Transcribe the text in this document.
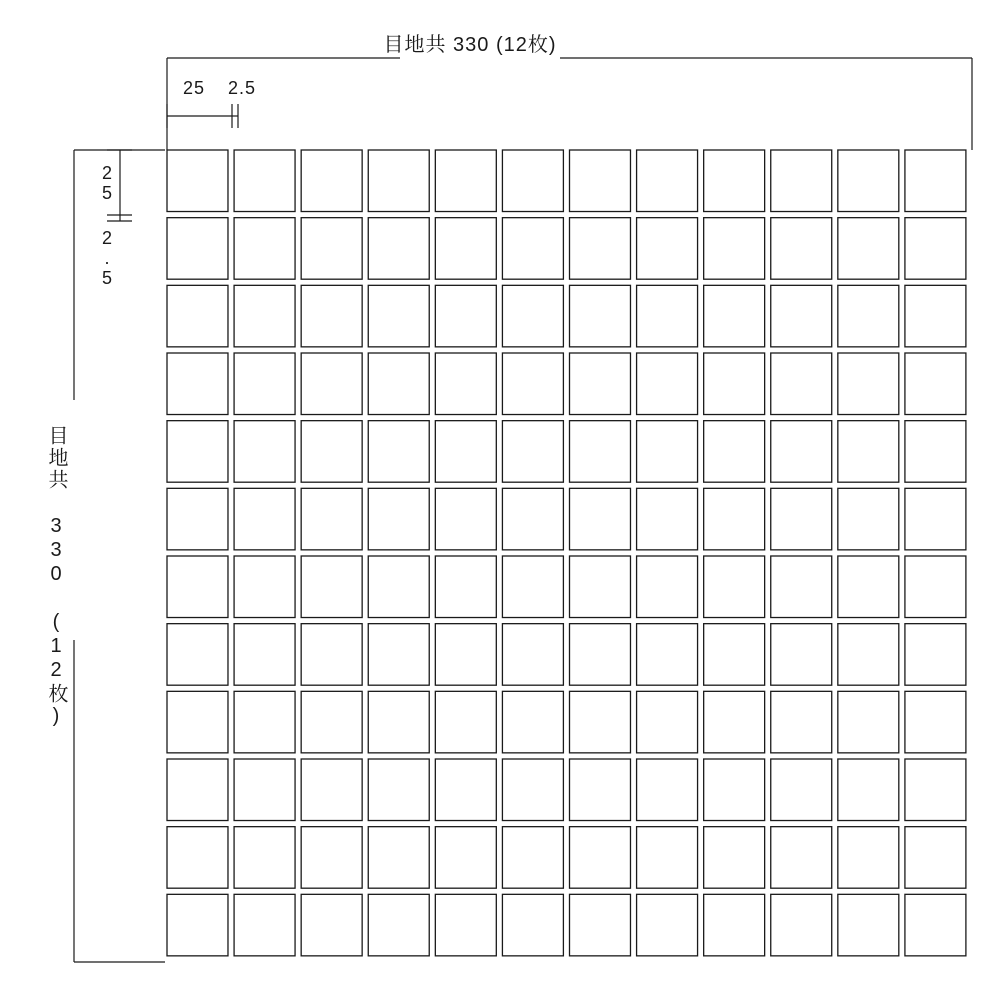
目地共 330 (12枚)
25 2.5
25
2.5
目地共 330 (12枚)
